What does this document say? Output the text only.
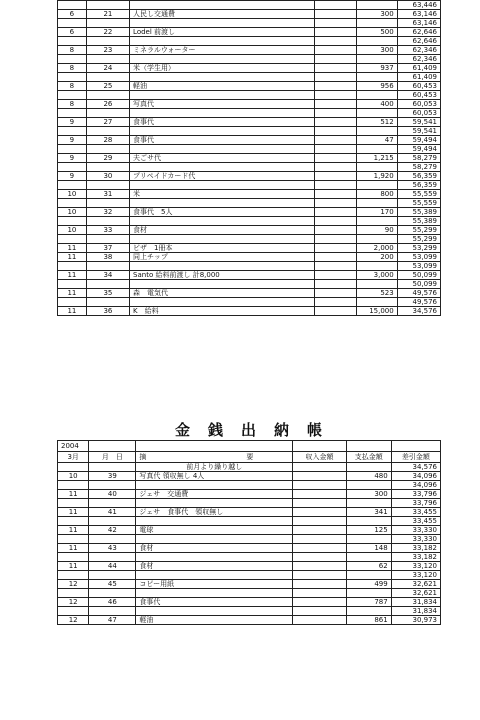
					63,446
6	21	人民し交通費		300	63,146
					63,146
6	22	Lodel 前渡し		500	62,646
					62,646
8	23	ミネラルウォーター		300	62,346
					62,346
8	24	米（学生用）		937	61,409
					61,409
8	25	軽油		956	60,453
					60,453
8	26	写真代		400	60,053
					60,053
9	27	食事代		512	59,541
					59,541
9	28	食事代		47	59,494
					59,494
9	29	夫ごサ代		1,215	58,279
					58,279
9	30	プリペイドカード代		1,920	56,359
					56,359
10	31	米		800	55,559
					55,559
10	32	食事代　5人		170	55,389
					55,389
10	33	食材		90	55,299
					55,299
11	37	ビザ　1冊本		2,000	53,299
11	38	同上チップ		200	53,099
					53,099
11	34	Santo 給料前渡し 計8,000		3,000	50,099
					50,099
11	35	森　電気代		523	49,576
					49,576
11	36	K　給料		15,000	34,576
金銭出納帳
2004					
3月	月　 日	摘 要	収入金額	支払金額	差引金額
		前月より繰り越し			34,576
10	39	写真代 領収無し 4人		480	34,096
					34,096
11	40	ジェサ　交通費		300	33,796
					33,796
11	41	ジェサ　食事代　領収無し		341	33,455
					33,455
11	42	電球		125	33,330
					33,330
11	43	食材		148	33,182
					33,182
11	44	食材		62	33,120
					33,120
12	45	コピー用紙		499	32,621
					32,621
12	46	食事代		787	31,834
					31,834
12	47	軽油		861	30,973
